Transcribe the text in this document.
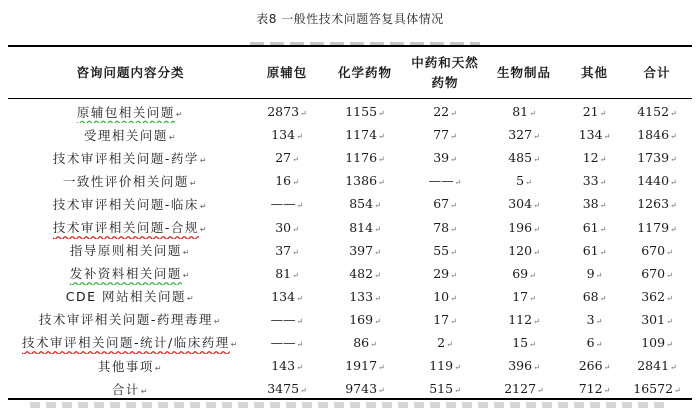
表8 一般性技术问题答复具体情况
咨询问题内容分类	原辅包	化学药物	中药和天然药物	生物制品	其他	合计
原辅包相关问题↵	2873↵	1155↵	22↵	81↵	21↵	4152↵
受理相关问题↵	134↵	1174↵	77↵	327↵	134↵	1846↵
技术审评相关问题-药学↵	27↵	1176↵	39↵	485↵	12↵	1739↵
一致性评价相关问题↵	16↵	1386↵	——↵	5↵	33↵	1440↵
技术审评相关问题-临床↵	——↵	854↵	67↵	304↵	38↵	1263↵
技术审评相关问题-合规↵	30↵	814↵	78↵	196↵	61↵	1179↵
指导原则相关问题↵	37↵	397↵	55↵	120↵	61↵	670↵
发补资料相关问题↵	81↵	482↵	29↵	69↵	9↵	670↵
CDE 网站相关问题↵	134↵	133↵	10↵	17↵	68↵	362↵
技术审评相关问题-药理毒理↵	——↵	169↵	17↵	112↵	3↵	301↵
技术审评相关问题-统计/临床药理↵	——↵	86↵	2↵	15↵	6↵	109↵
其他事项↵	143↵	1917↵	119↵	396↵	266↵	2841↵
合计↵	3475↵	9743↵	515↵	2127↵	712↵	16572↵
